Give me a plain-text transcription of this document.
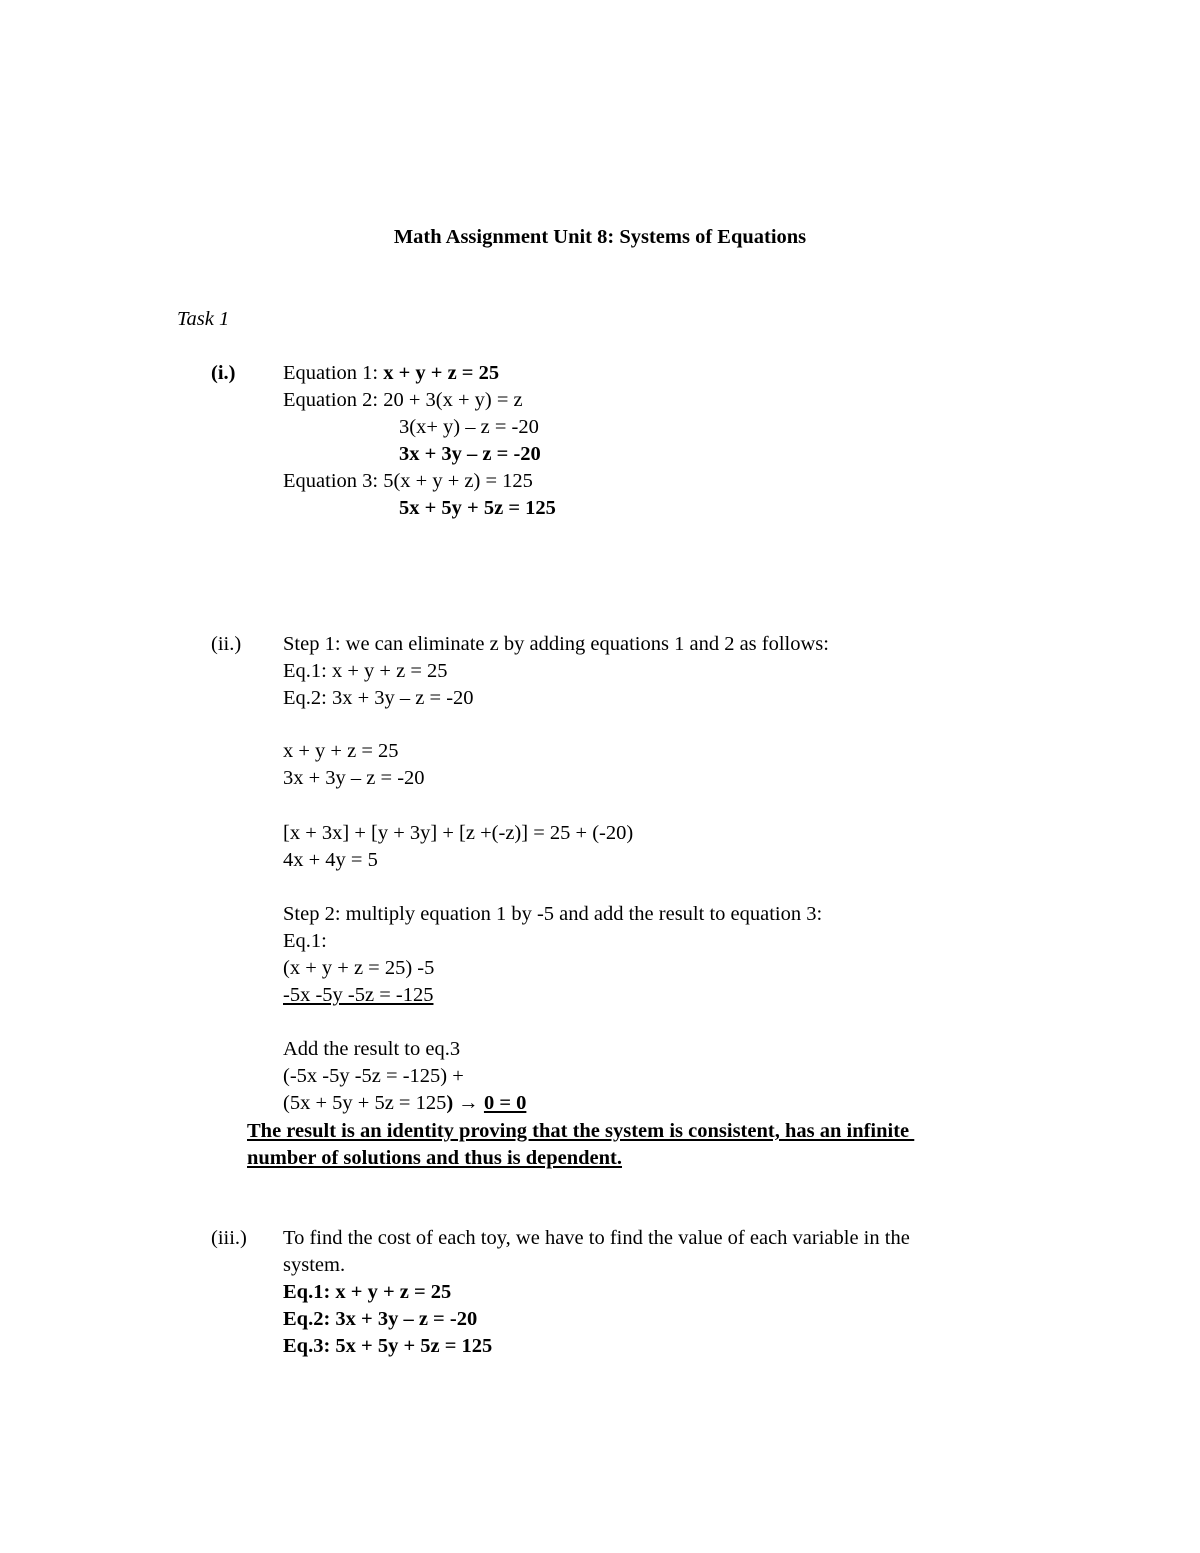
Math Assignment Unit 8: Systems of Equations
Task 1
(i.) Equation 1: x + y + z = 25
Equation 2: 20 + 3(x + y) = z
3(x+ y) – z = -20
3x + 3y – z = -20
Equation 3: 5(x + y + z) = 125
5x + 5y + 5z = 125
(ii.) Step 1: we can eliminate z by adding equations 1 and 2 as follows:
Eq.1: x + y + z = 25
Eq.2: 3x + 3y – z = -20
x + y + z = 25
3x + 3y – z = -20
[x + 3x] + [y + 3y] + [z +(-z)] = 25 + (-20)
4x + 4y = 5
Step 2: multiply equation 1 by -5 and add the result to equation 3:
Eq.1:
(x + y + z = 25) -5
-5x -5y -5z = -125
Add the result to eq.3
(-5x -5y -5z = -125) +
(5x + 5y + 5z = 125) → 0 = 0
The result is an identity proving that the system is consistent, has an infinite
number of solutions and thus is dependent.
(iii.) To find the cost of each toy, we have to find the value of each variable in the
system.
Eq.1: x + y + z = 25
Eq.2: 3x + 3y – z = -20
Eq.3: 5x + 5y + 5z = 125
